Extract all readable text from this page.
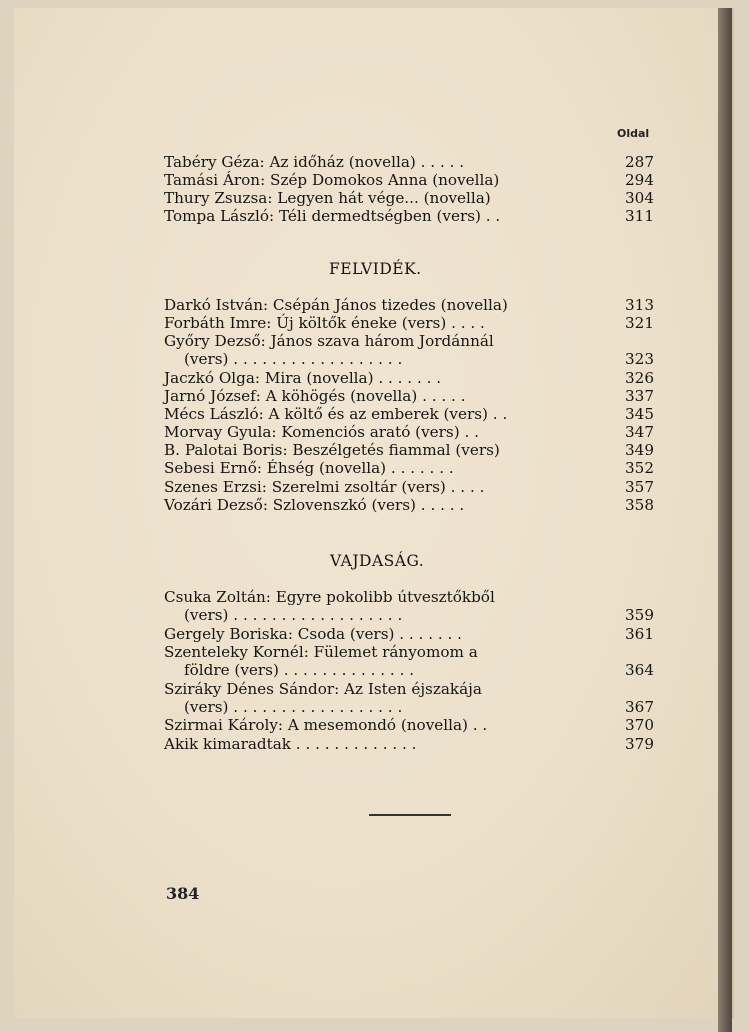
Oldal
Tabéry Géza: Az időház (novella) . . . . .	287
Tamási Áron: Szép Domokos Anna (novella)	294
Thury Zsuzsa: Legyen hát vége... (novella)	304
Tompa László: Téli dermedtségben (vers) . .	311
FELVIDÉK.
Darkó István: Csépán János tizedes (novella)	313
Forbáth Imre: Új költők éneke (vers) . . . .	321
Győry Dezső: János szava három Jordánnál
(vers) . . . . . . . . . . . . . . . . . .	323
Jaczkó Olga: Mira (novella) . . . . . . .	326
Jarnó József: A köhögés (novella) . . . . .	337
Mécs László: A költő és az emberek (vers) . .	345
Morvay Gyula: Komenciós arató (vers) . .	347
B. Palotai Boris: Beszélgetés fiammal (vers)	349
Sebesi Ernő: Éhség (novella) . . . . . . .	352
Szenes Erzsi: Szerelmi zsoltár (vers) . . . .	357
Vozári Dezső: Szlovenszkó (vers) . . . . .	358
VAJDASÁG.
Csuka Zoltán: Egyre pokolibb útvesztőkből
(vers) . . . . . . . . . . . . . . . . . .	359
Gergely Boriska: Csoda (vers) . . . . . . .	361
Szenteleky Kornél: Fülemet rányomom a
földre (vers) . . . . . . . . . . . . . .	364
Sziráky Dénes Sándor: Az Isten éjszakája
(vers) . . . . . . . . . . . . . . . . . .	367
Szirmai Károly: A mesemondó (novella) . .	370
Akik kimaradtak . . . . . . . . . . . . .	379
384
